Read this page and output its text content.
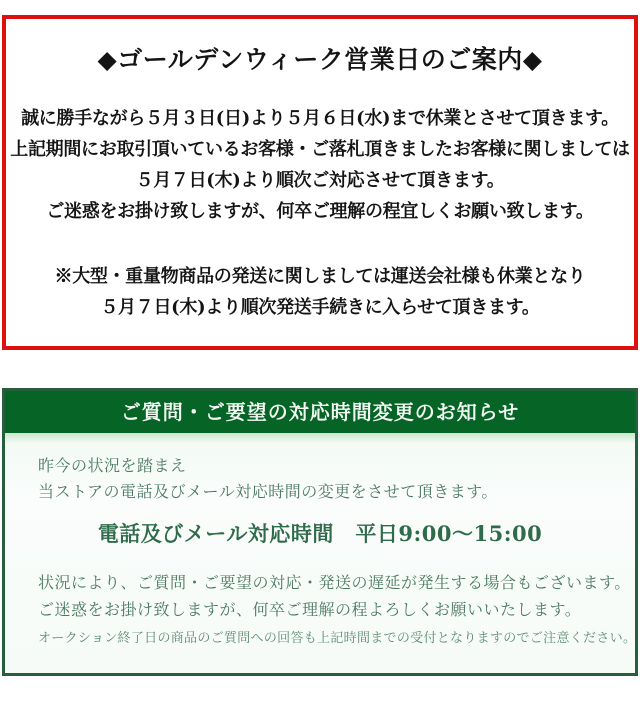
◆ゴールデンウィーク営業日のご案内◆

誠に勝手ながら５月３日(日)より５月６日(水)まで休業とさせて頂きます。

上記期間にお取引頂いているお客様・ご落札頂きましたお客様に関しましては

５月７日(木)より順次ご対応させて頂きます。

ご迷惑をお掛け致しますが、何卒ご理解の程宜しくお願い致します。

※大型・重量物商品の発送に関しましては運送会社様も休業となり

５月７日(木)より順次発送手続きに入らせて頂きます。

ご質問・ご要望の対応時間変更のお知らせ

昨今の状況を踏まえ

当ストアの電話及びメール対応時間の変更をさせて頂きます。

電話及びメール対応時間　平日9:00～15:00

状況により、ご質問・ご要望の対応・発送の遅延が発生する場合もございます。

ご迷惑をお掛け致しますが、何卒ご理解の程よろしくお願いいたします。

オークション終了日の商品のご質問への回答も上記時間までの受付となりますのでご注意ください。
